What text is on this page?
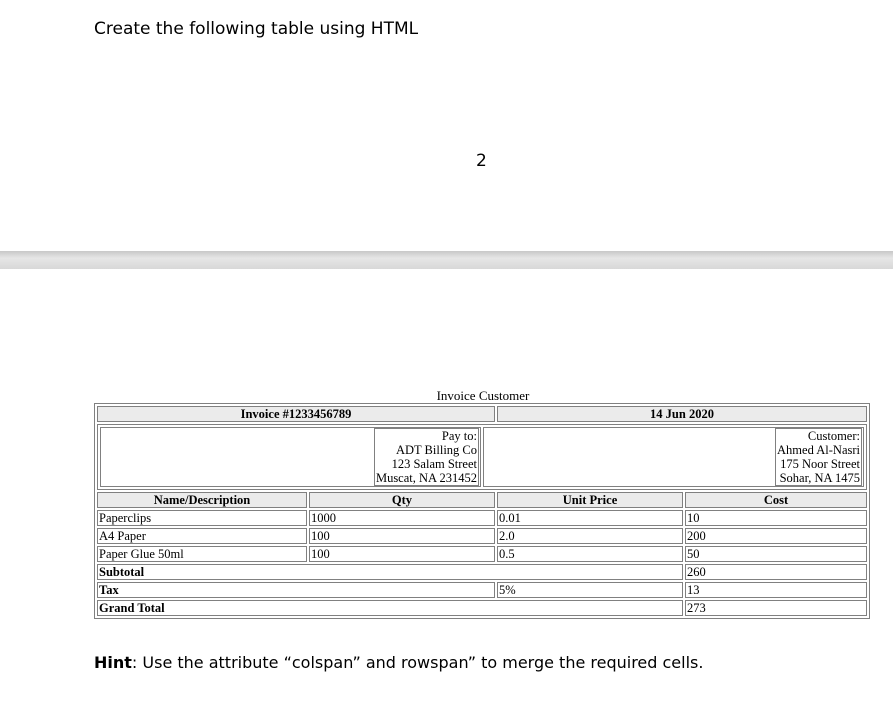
Create the following table using HTML
2
Invoice Customer
Invoice #1233456789	14 Jun 2020

Pay to:
ADT Billing Co
123 Salam Street
Muscat, NA 231452

Customer:
Ahmed Al-Nasri
175 Noor Street
Sohar, NA 1475

Name/Description	Qty	Unit Price	Cost
Paperclips	1000	0.01	10
A4 Paper	100	2.0	200
Paper Glue 50ml	100	0.5	50
Subtotal	260
Tax	5%	13
Grand Total	273
Hint: Use the attribute “colspan” and rowspan” to merge the required cells.
